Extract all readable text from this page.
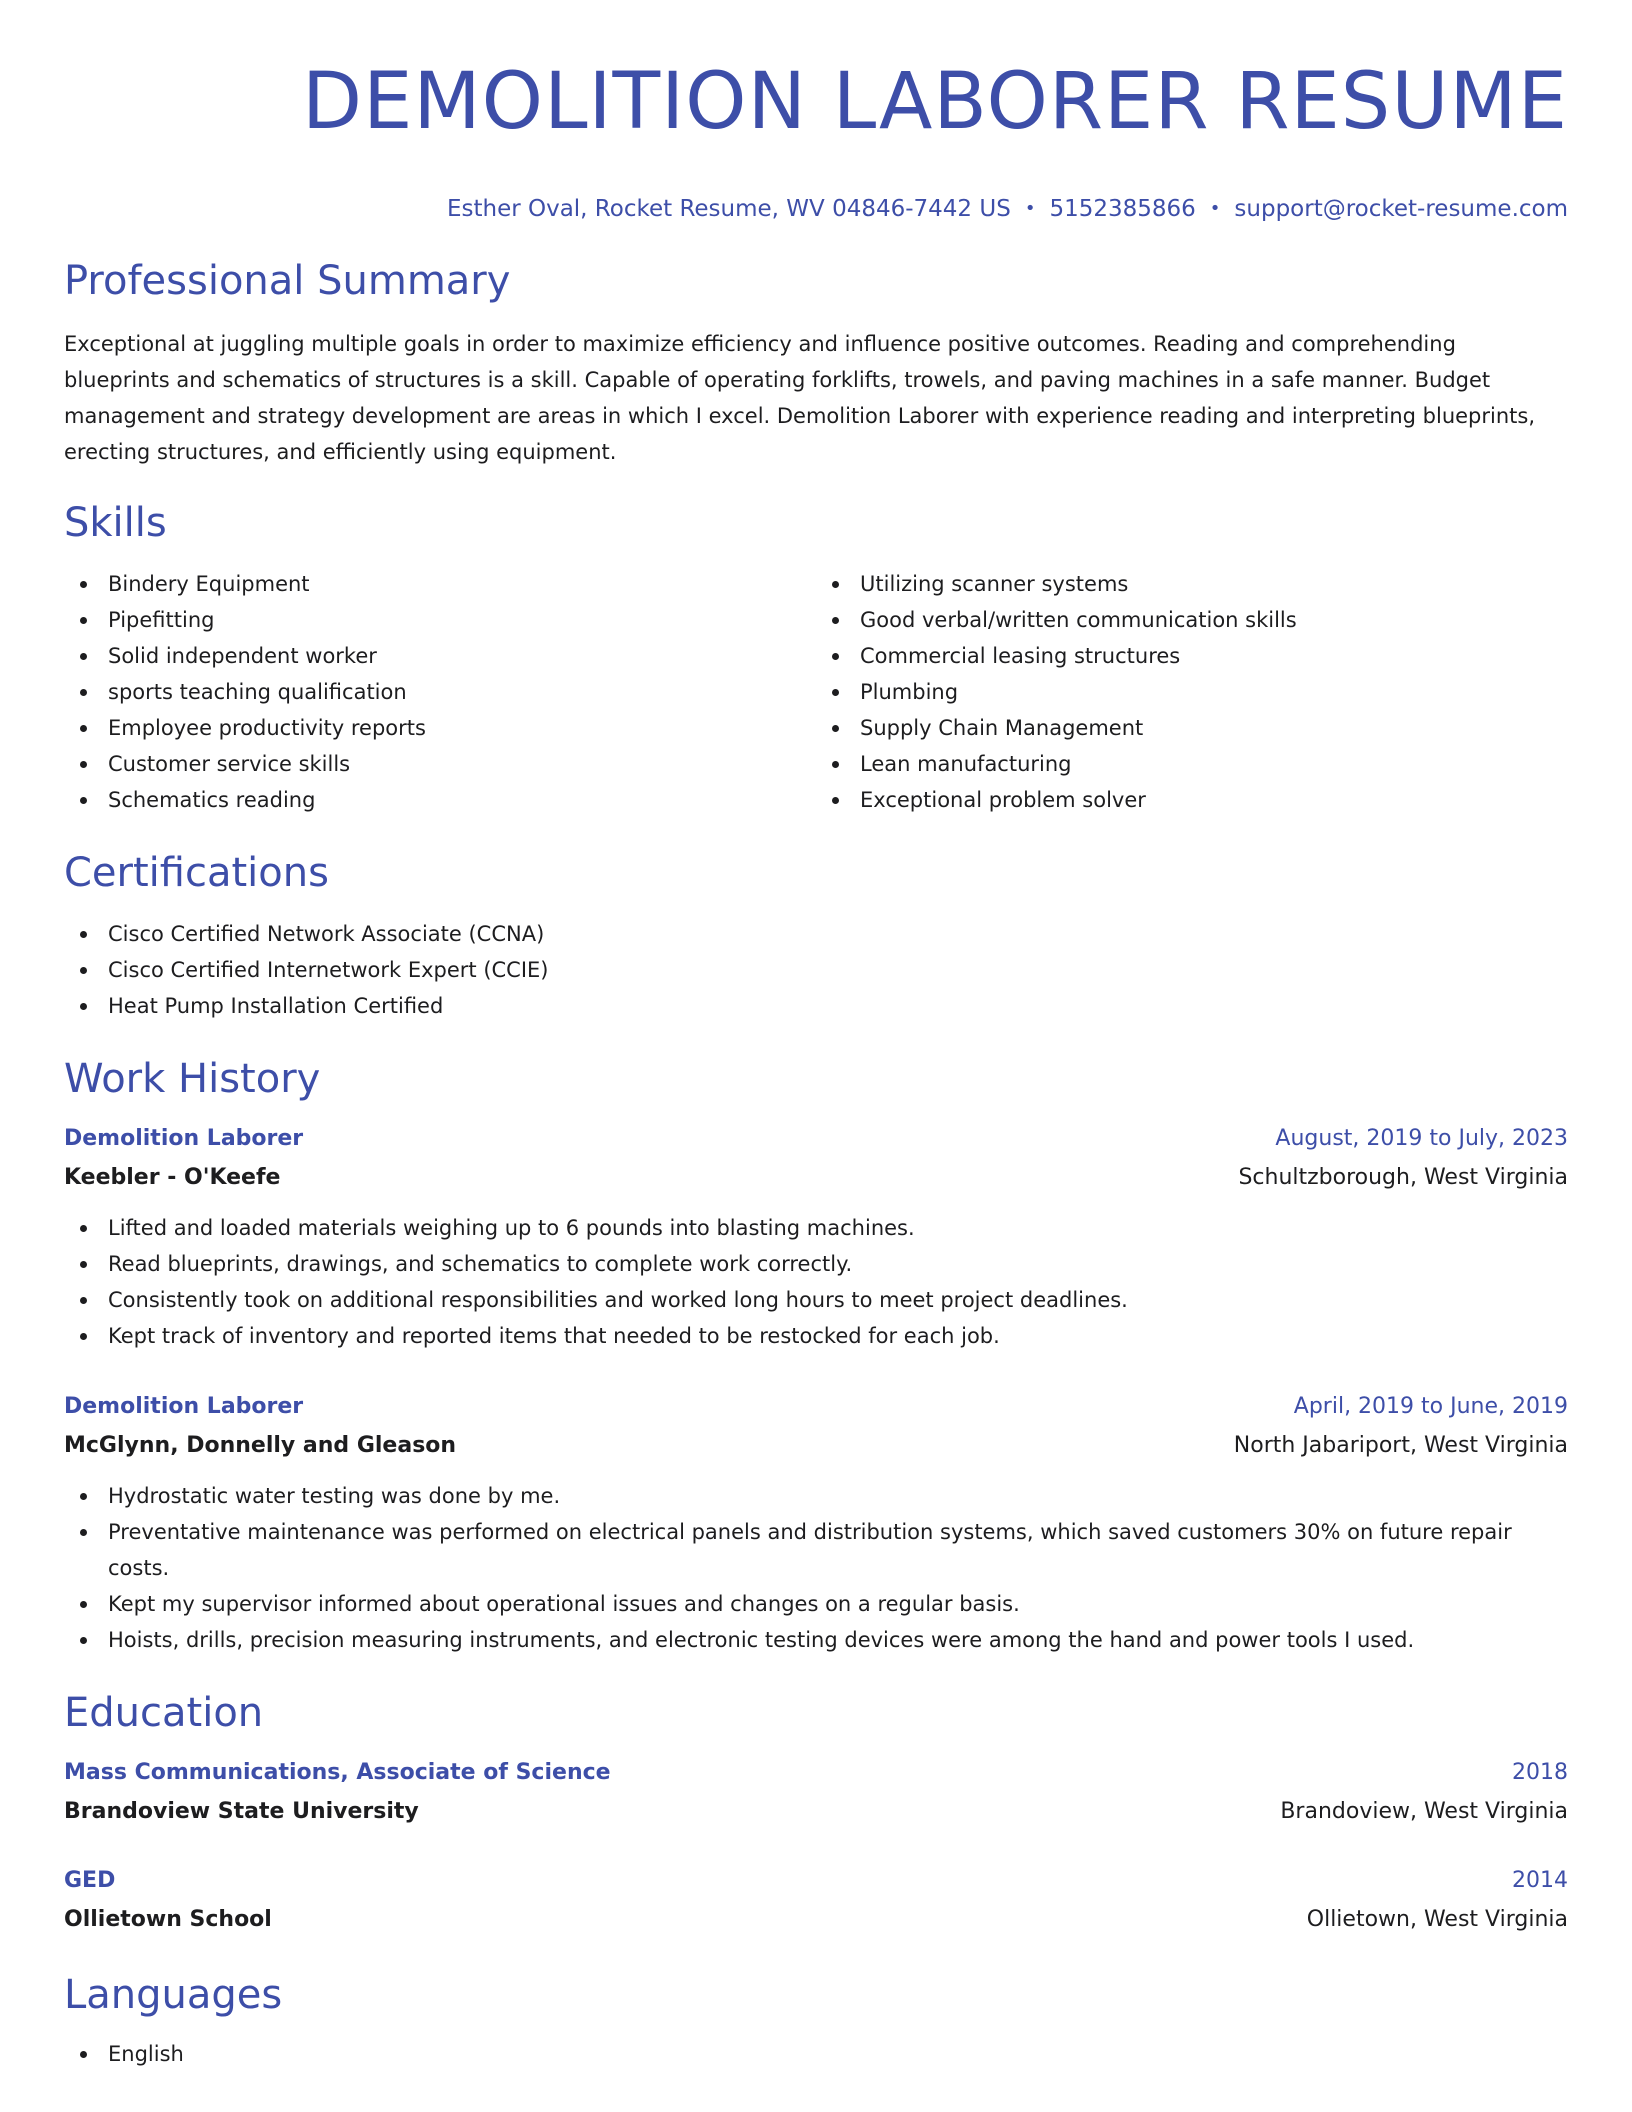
DEMOLITION LABORER RESUME
Esther Oval, Rocket Resume, WV 04846-7442 US • 5152385866 • support@rocket-resume.com
Professional Summary

Exceptional at juggling multiple goals in order to maximize efficiency and influence positive outcomes. Reading and comprehending blueprints and schematics of structures is a skill. Capable of operating forklifts, trowels, and paving machines in a safe manner. Budget management and strategy development are areas in which I excel. Demolition Laborer with experience reading and interpreting blueprints, erecting structures, and efficiently using equipment.

Skills
Bindery Equipment
Pipefitting
Solid independent worker
sports teaching qualification
Employee productivity reports
Customer service skills
Schematics reading
Utilizing scanner systems
Good verbal/written communication skills
Commercial leasing structures
Plumbing
Supply Chain Management
Lean manufacturing
Exceptional problem solver
Certifications
Cisco Certified Network Associate (CCNA)
Cisco Certified Internetwork Expert (CCIE)
Heat Pump Installation Certified
Work History
Demolition Laborer	August, 2019 to July, 2023
Keebler - O'Keefe	Schultzborough, West Virginia
Lifted and loaded materials weighing up to 6 pounds into blasting machines.
Read blueprints, drawings, and schematics to complete work correctly.
Consistently took on additional responsibilities and worked long hours to meet project deadlines.
Kept track of inventory and reported items that needed to be restocked for each job.
Demolition Laborer	April, 2019 to June, 2019
McGlynn, Donnelly and Gleason	North Jabariport, West Virginia
Hydrostatic water testing was done by me.
Preventative maintenance was performed on electrical panels and distribution systems, which saved customers 30% on future repair costs.
Kept my supervisor informed about operational issues and changes on a regular basis.
Hoists, drills, precision measuring instruments, and electronic testing devices were among the hand and power tools I used.
Education
Mass Communications, Associate of Science	2018
Brandoview State University	Brandoview, West Virginia
GED	2014
Ollietown School	Ollietown, West Virginia
Languages
English
